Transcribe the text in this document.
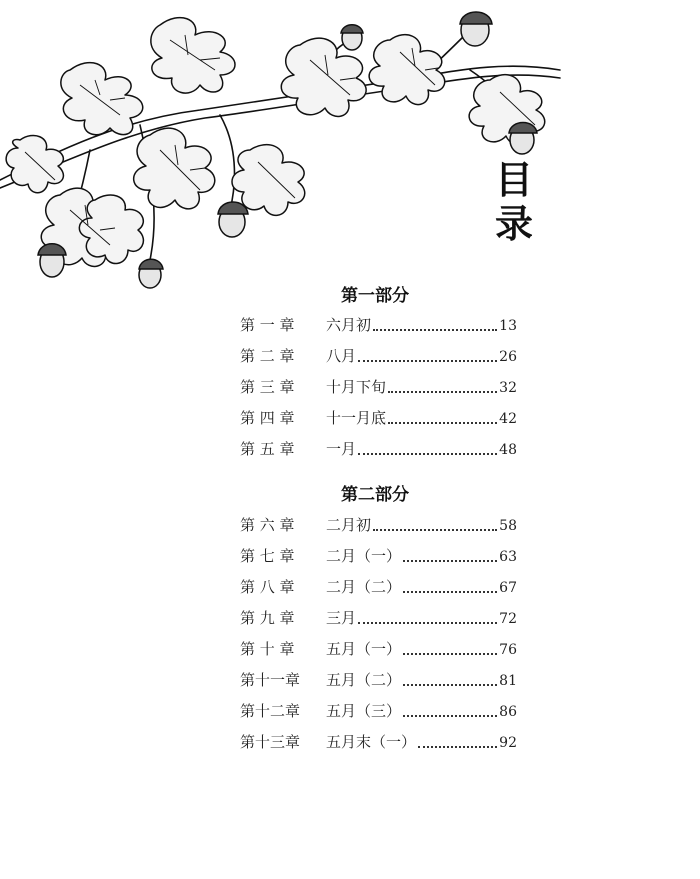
目
录
第一部分
第 一 章	六月初	13
第 二 章	八月	26
第 三 章	十月下旬	32
第 四 章	十一月底	42
第 五 章	一月	48
第二部分
第 六 章	二月初	58
第 七 章	二月（一）	63
第 八 章	二月（二）	67
第 九 章	三月	72
第 十 章	五月（一）	76
第十一章	五月（二）	81
第十二章	五月（三）	86
第十三章	五月末（一）	92
